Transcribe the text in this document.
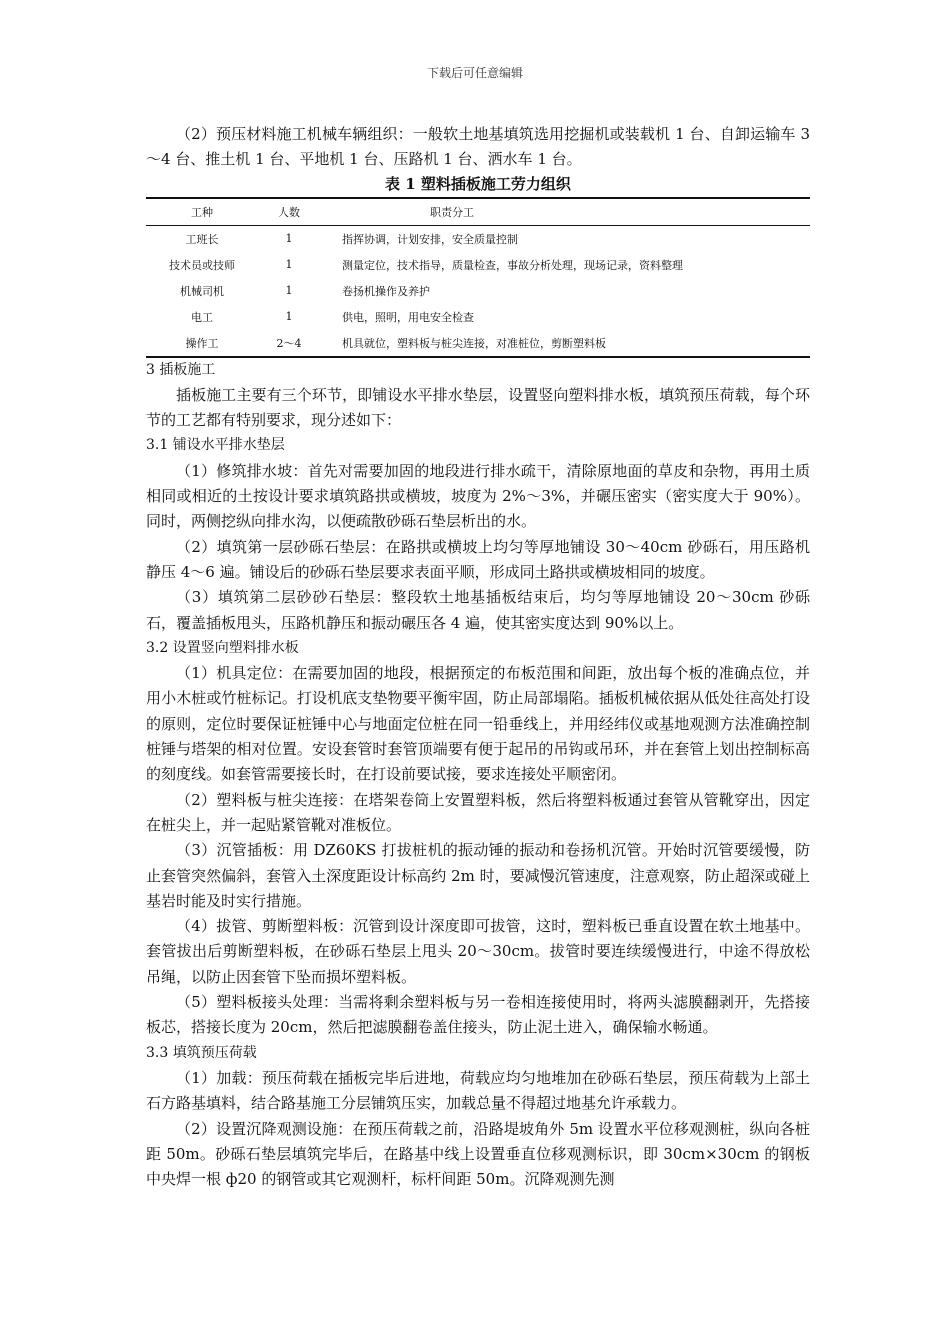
下载后可任意编辑

（2）预压材料施工机械车辆组织：一般软土地基填筑选用挖掘机或装载机 1 台、自卸运输车 3～4 台、推土机 1 台、平地机 1 台、压路机 1 台、洒水车 1 台。

表 1 塑料插板施工劳力组织

工种	人数	职责分工
工班长	1	指挥协调，计划安排，安全质量控制
技术员或技师	1	测量定位，技术指导，质量检查，事故分析处理，现场记录，资料整理
机械司机	1	卷扬机操作及养护
电工	1	供电，照明，用电安全检查
操作工	2～4	机具就位，塑料板与桩尖连接，对准桩位，剪断塑料板

3 插板施工

插板施工主要有三个环节，即铺设水平排水垫层，设置竖向塑料排水板，填筑预压荷载，每个环节的工艺都有特别要求，现分述如下：

3.1 铺设水平排水垫层

（1）修筑排水坡：首先对需要加固的地段进行排水疏干，清除原地面的草皮和杂物，再用土质相同或相近的土按设计要求填筑路拱或横坡，坡度为 2%～3%，并碾压密实（密实度大于 90%）。同时，两侧挖纵向排水沟，以便疏散砂砾石垫层析出的水。

（2）填筑第一层砂砾石垫层：在路拱或横坡上均匀等厚地铺设 30～40cm 砂砾石，用压路机静压 4～6 遍。铺设后的砂砾石垫层要求表面平顺，形成同土路拱或横坡相同的坡度。

（3）填筑第二层砂砂石垫层：整段软土地基插板结束后，均匀等厚地铺设 20～30cm 砂砾石，覆盖插板甩头，压路机静压和振动碾压各 4 遍，使其密实度达到 90%以上。

3.2 设置竖向塑料排水板

（1）机具定位：在需要加固的地段，根据预定的布板范围和间距，放出每个板的准确点位，并用小木桩或竹桩标记。打设机底支垫物要平衡牢固，防止局部塌陷。插板机械依据从低处往高处打设的原则，定位时要保证桩锤中心与地面定位桩在同一铅垂线上，并用经纬仪或基地观测方法准确控制桩锤与塔架的相对位置。安设套管时套管顶端要有便于起吊的吊钩或吊环，并在套管上划出控制标高的刻度线。如套管需要接长时，在打设前要试接，要求连接处平顺密闭。

（2）塑料板与桩尖连接：在塔架卷筒上安置塑料板，然后将塑料板通过套管从管靴穿出，因定在桩尖上，并一起贴紧管靴对准板位。

（3）沉管插板：用 DZ60KS 打拔桩机的振动锤的振动和卷扬机沉管。开始时沉管要缓慢，防止套管突然偏斜，套管入土深度距设计标高约 2m 时，要减慢沉管速度，注意观察，防止超深或碰上基岩时能及时实行措施。

（4）拔管、剪断塑料板：沉管到设计深度即可拔管，这时，塑料板已垂直设置在软土地基中。套管拔出后剪断塑料板，在砂砾石垫层上甩头 20～30cm。拔管时要连续缓慢进行，中途不得放松吊绳，以防止因套管下坠而损坏塑料板。

（5）塑料板接头处理：当需将剩余塑料板与另一卷相连接使用时，将两头滤膜翻剥开，先搭接板芯，搭接长度为 20cm，然后把滤膜翻卷盖住接头，防止泥土进入，确保输水畅通。

3.3 填筑预压荷载

（1）加载：预压荷载在插板完毕后进地，荷载应均匀地堆加在砂砾石垫层，预压荷载为上部土石方路基填料，结合路基施工分层铺筑压实，加载总量不得超过地基允许承载力。

（2）设置沉降观测设施：在预压荷载之前，沿路堤坡角外 5m 设置水平位移观测桩，纵向各桩距 50m。砂砾石垫层填筑完毕后，在路基中线上设置垂直位移观测标识，即 30cm×30cm 的钢板中央焊一根 ф20 的钢管或其它观测杆，标杆间距 50m。沉降观测先测
